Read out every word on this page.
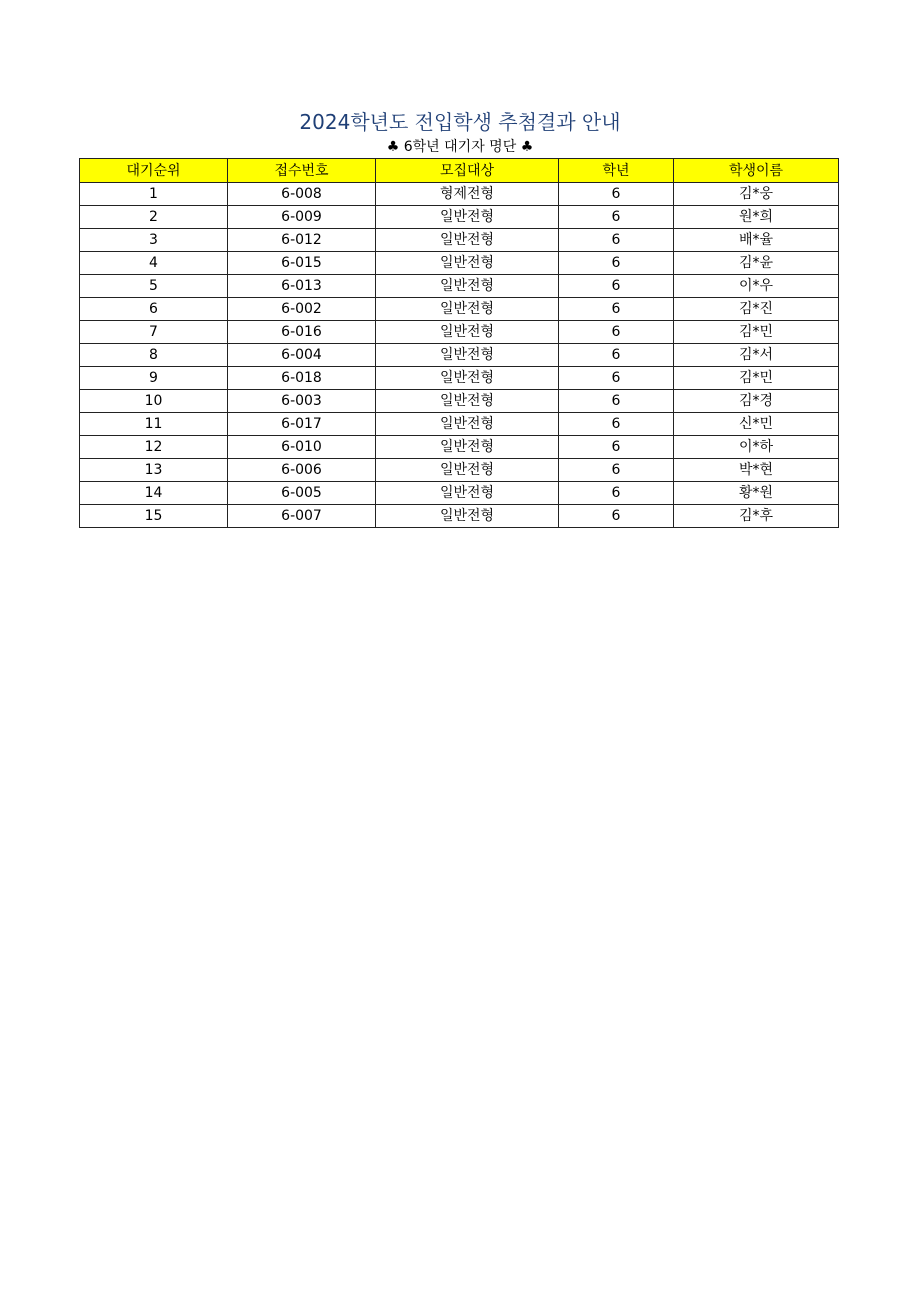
2024학년도 전입학생 추첨결과 안내
♣ 6학년 대기자 명단 ♣
대기순위	접수번호	모집대상	학년	학생이름
1	6-008	형제전형	6	김*웅
2	6-009	일반전형	6	원*희
3	6-012	일반전형	6	배*율
4	6-015	일반전형	6	김*윤
5	6-013	일반전형	6	이*우
6	6-002	일반전형	6	김*진
7	6-016	일반전형	6	김*민
8	6-004	일반전형	6	김*서
9	6-018	일반전형	6	김*민
10	6-003	일반전형	6	김*경
11	6-017	일반전형	6	신*민
12	6-010	일반전형	6	이*하
13	6-006	일반전형	6	박*현
14	6-005	일반전형	6	황*원
15	6-007	일반전형	6	김*후
